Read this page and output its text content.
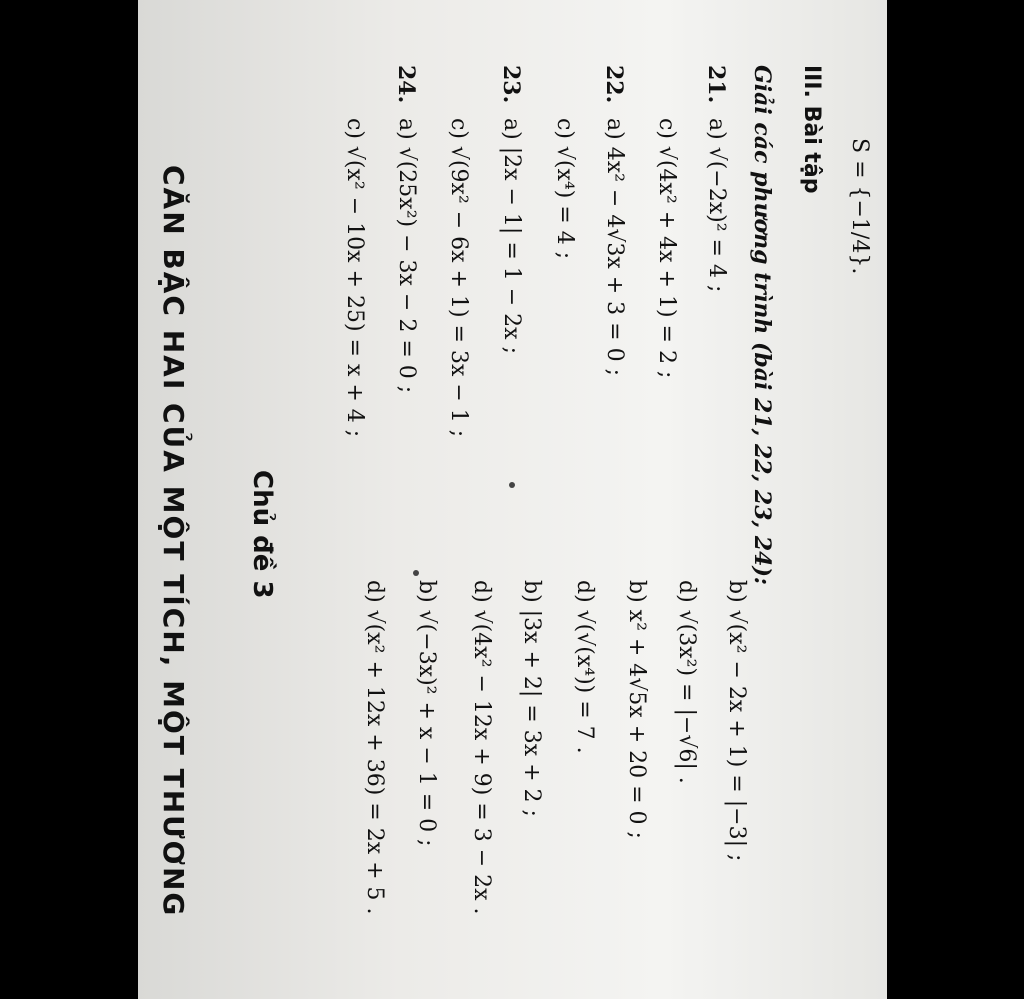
S = {−1/4}.
III. Bài tập
Giải các phương trình (bài 21, 22, 23, 24):
21.
a) √(−2x)² = 4 ;
b) √(x² − 2x + 1) = |−3| ;
c) √(4x² + 4x + 1) = 2 ;
d) √(3x²) = |−√6| .
22.
a) 4x² − 4√3x + 3 = 0 ;
b) x² + 4√5x + 20 = 0 ;
c) √(x⁴) = 4 ;
d) √(√(x⁴)) = 7 .
23.
a) |2x − 1| = 1 − 2x ;
b) |3x + 2| = 3x + 2 ;
c) √(9x² − 6x + 1) = 3x − 1 ;
d) √(4x² − 12x + 9) = 3 − 2x .
24.
a) √(25x²) − 3x − 2 = 0 ;
b) √(−3x)² + x − 1 = 0 ;
c) √(x² − 10x + 25) = x + 4 ;
d) √(x² + 12x + 36) = 2x + 5 .
Chủ đề 3
CĂN BẬC HAI CỦA MỘT TÍCH, MỘT THƯƠNG
